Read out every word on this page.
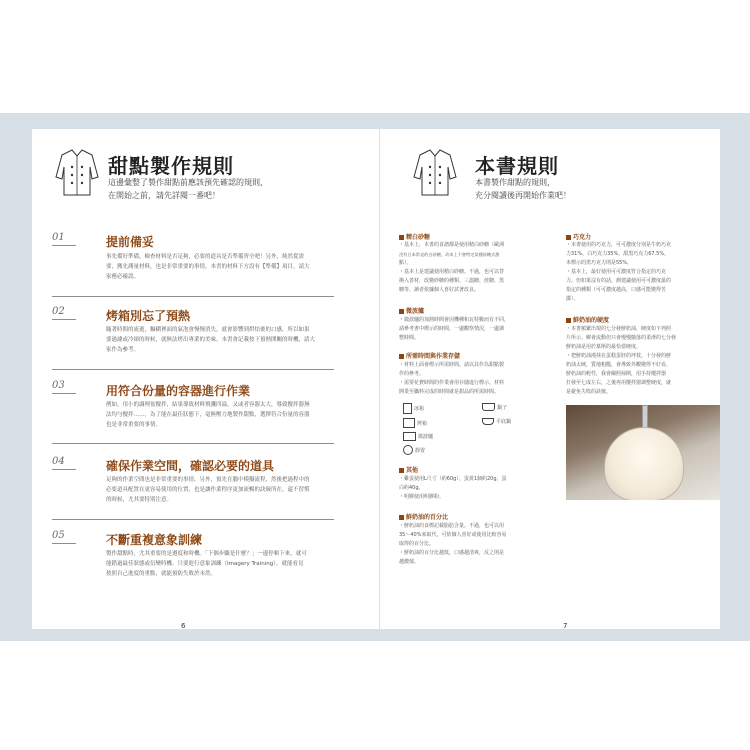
甜點製作規則
這邊彙整了製作甜點前應該預先確認的規則，
在開始之前，請先詳閱一番吧！
01	提前備妥
事先備好準備，檢查材料是否足夠，必要的道具是否準備齊全吧！另外，純然從需
要，搬先測量材料，也是非常重要的事情。本書的材料下方設有【準備】項目，請大
家務必確認。
02	烤箱別忘了預熱
隨著時間的流逝，麵糊裡面的氣泡會慢慢消失，就會影響到烘焙後的口感，所以如果
要過濾或冷卻的時候，就無法烤出專業的美味。本書會記載按下預熱開關的時機，請大
家作為參考。
03	用符合份量的容器進行作業
例如，用小的調理盆攪拌，結果導致材料飛濺四溢，又或者容器太大，導致攪拌器無
法均勻攪拌……。為了能在最佳狀態下，毫無壓力地製作甜點，選擇符合份量的容器
也是非常重要的事情。
04	確保作業空間，確認必要的道具
足夠的作業空間也是非常重要的事情。另外，預先在腦中模擬流程，然後把過程中的
必要道具配置在更容易使用的位置，也是讓作業程序更加流暢的訣竅所在。還不習慣
的時候，尤其要特別注意。
05	不斷重複意象訓練
製作甜點時，尤其重要的是遵度和時機。「下個步驟是什麼？」一邊停頓下來，就可
能錯過最佳狀態或衍變時機。只要進行意象訓練（Imagery Training），就能看見
按照自己進度的重點，就能預防失敗於未然。
6
本書規則
本書製作甜點的規則，
充分閱讀後再開始作業吧！
精白砂糖
・基本上，本書的食譜都是使用精白砂糖（歐洲
沒有日本常見的白砂糖，改本上不會特定某種砂糖式甜
點）。
・基本上是建議使用精白砂糖。不過，也可以替
換入善材，改變砂糖的種類、三溫糖、蔗糖、黑
糖等，讀者依據個人喜好試著改良。
微波爐
・微波爐的加熱時間會因機種和瓦特數而有不同，
請參考書中標示的時間，一邊觀察情況，一邊調
整時間。
所需時間與作業存儲
・材料上面會標示所需時間。請以其作為甜點製
作的參考。
・需要花費時間的作業會用存儲進行標示。材料
開業至攝料完成的時間就是甜品的所需時間。
冰箱	鍋子
烤箱	平底鍋
微波爐
靜置
其他
・雞蛋使用L尺寸（約60g），蛋黃1個約20g，蛋
白約40g。
・明膠使用明膠粉。
鮮奶油的百分比
・鮮奶油的食標記載脂肪含量。不過，也可以用
35～40%來取代，可依個人喜好或使用比較容易
取得的百分比。
・鮮奶油的百分比越低，口感越清爽，反之則是
越濃郁。
巧克力
・本書使用的巧克力，可可濃度分別是牛奶巧克
力31%，白巧克力35%，甜黑巧克力67.5%，
未標示的黑巧克力則是55%。
・基本上，最好使用可可濃度符合指定的巧克
力。但如果沒有的話，測建議使用可可濃度最的
指定的種類（可可濃度越高，口感可能變得苦
澀）。
鮮奶油的硬度
・本書頻繁出現的七分發鮮奶油，硬度如下列照
片所示。鄉會流動但只會慢慢隨落的柔滑的七分發
鮮奶油是用於慕斯的最恰當硬度。
・把鮮奶油漫抹在蛋糕蛋胚的坪枝，十分發的鮮
奶油太硬，質地粗糙，會導致外觀變得不好看，
鮮奶油的輕性，我會關照掃開，用手持攪拌器
打發至七成左右，之後再用攪拌器調整硬度，就
是避免失敗的訣竅。
7
